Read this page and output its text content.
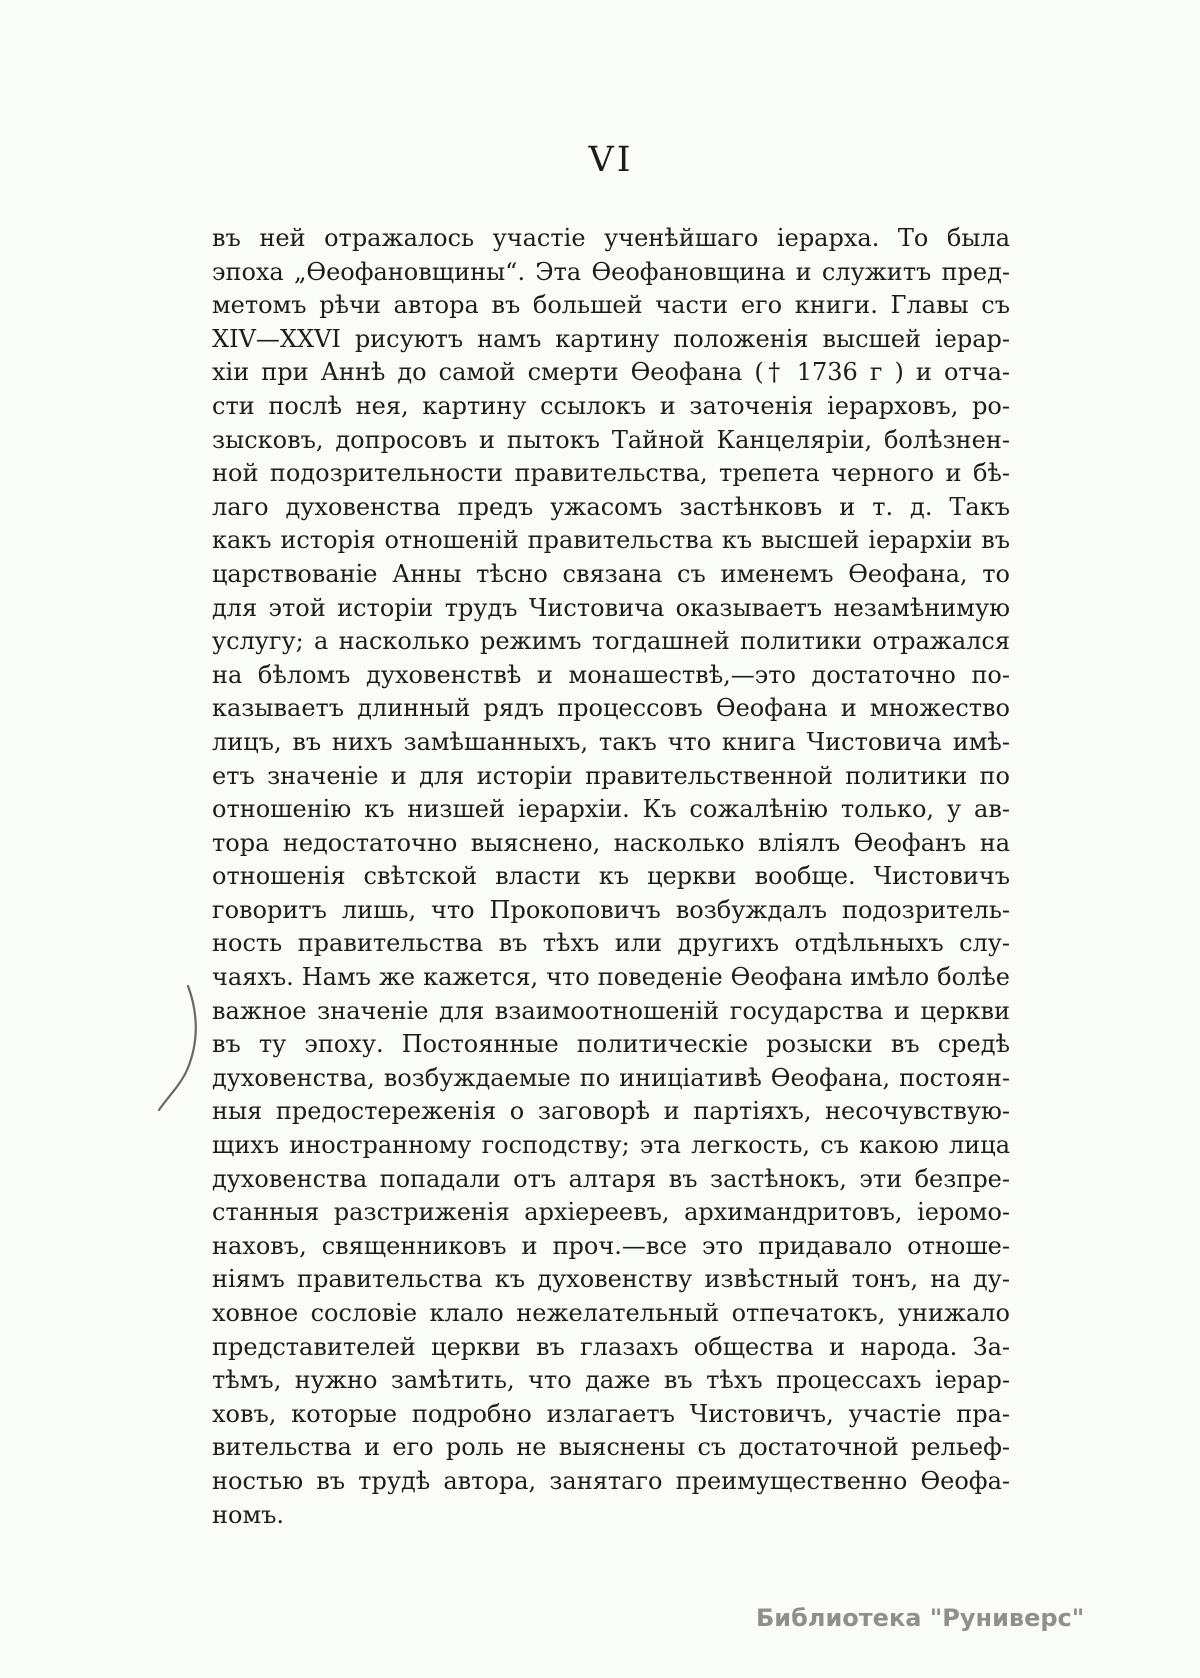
VI
въ ней отражалось участіе ученѣйшаго іерарха. То была
эпоха „Ѳеофановщины“. Эта Ѳеофановщина и служитъ пред-
метомъ рѣчи автора въ большей части его книги. Главы съ
XIV—XXVI рисуютъ намъ картину положенія высшей іерар-
хіи при Аннѣ до самой смерти Ѳеофана († 1736 г ) и отча-
сти послѣ нея, картину ссылокъ и заточенія іерарховъ, ро-
зысковъ, допросовъ и пытокъ Тайной Канцеляріи, болѣзнен-
ной подозрительности правительства, трепета черного и бѣ-
лаго духовенства предъ ужасомъ застѣнковъ и т. д. Такъ
какъ исторія отношеній правительства къ высшей іерархіи въ
царствованіе Анны тѣсно связана съ именемъ Ѳеофана, то
для этой исторіи трудъ Чистовича оказываетъ незамѣнимую
услугу; а насколько режимъ тогдашней политики отражался
на бѣломъ духовенствѣ и монашествѣ,—это достаточно по-
казываетъ длинный рядъ процессовъ Ѳеофана и множество
лицъ, въ нихъ замѣшанныхъ, такъ что книга Чистовича имѣ-
етъ значеніе и для исторіи правительственной политики по
отношенію къ низшей іерархіи. Къ сожалѣнію только, у ав-
тора недостаточно выяснено, насколько вліялъ Ѳеофанъ на
отношенія свѣтской власти къ церкви вообще. Чистовичъ
говоритъ лишь, что Прокоповичъ возбуждалъ подозритель-
ность правительства въ тѣхъ или другихъ отдѣльныхъ слу-
чаяхъ. Намъ же кажется, что поведеніе Ѳеофана имѣло болѣе
важное значеніе для взаимоотношеній государства и церкви
въ ту эпоху. Постоянные политическіе розыски въ средѣ
духовенства, возбуждаемые по иниціативѣ Ѳеофана, постоян-
ныя предостереженія о заговорѣ и партіяхъ, несочувствую-
щихъ иностранному господству; эта легкость, съ какою лица
духовенства попадали отъ алтаря въ застѣнокъ, эти безпре-
станныя разстриженія архіереевъ, архимандритовъ, іеромо-
наховъ, священниковъ и проч.—все это придавало отноше-
ніямъ правительства къ духовенству извѣстный тонъ, на ду-
ховное сословіе клало нежелательный отпечатокъ, унижало
представителей церкви въ глазахъ общества и народа. За-
тѣмъ, нужно замѣтить, что даже въ тѣхъ процессахъ іерар-
ховъ, которые подробно излагаетъ Чистовичъ, участіе пра-
вительства и его роль не выяснены съ достаточной рельеф-
ностью въ трудѣ автора, занятаго преимущественно Ѳеофа-
номъ.
Библиотека "Руниверс"
